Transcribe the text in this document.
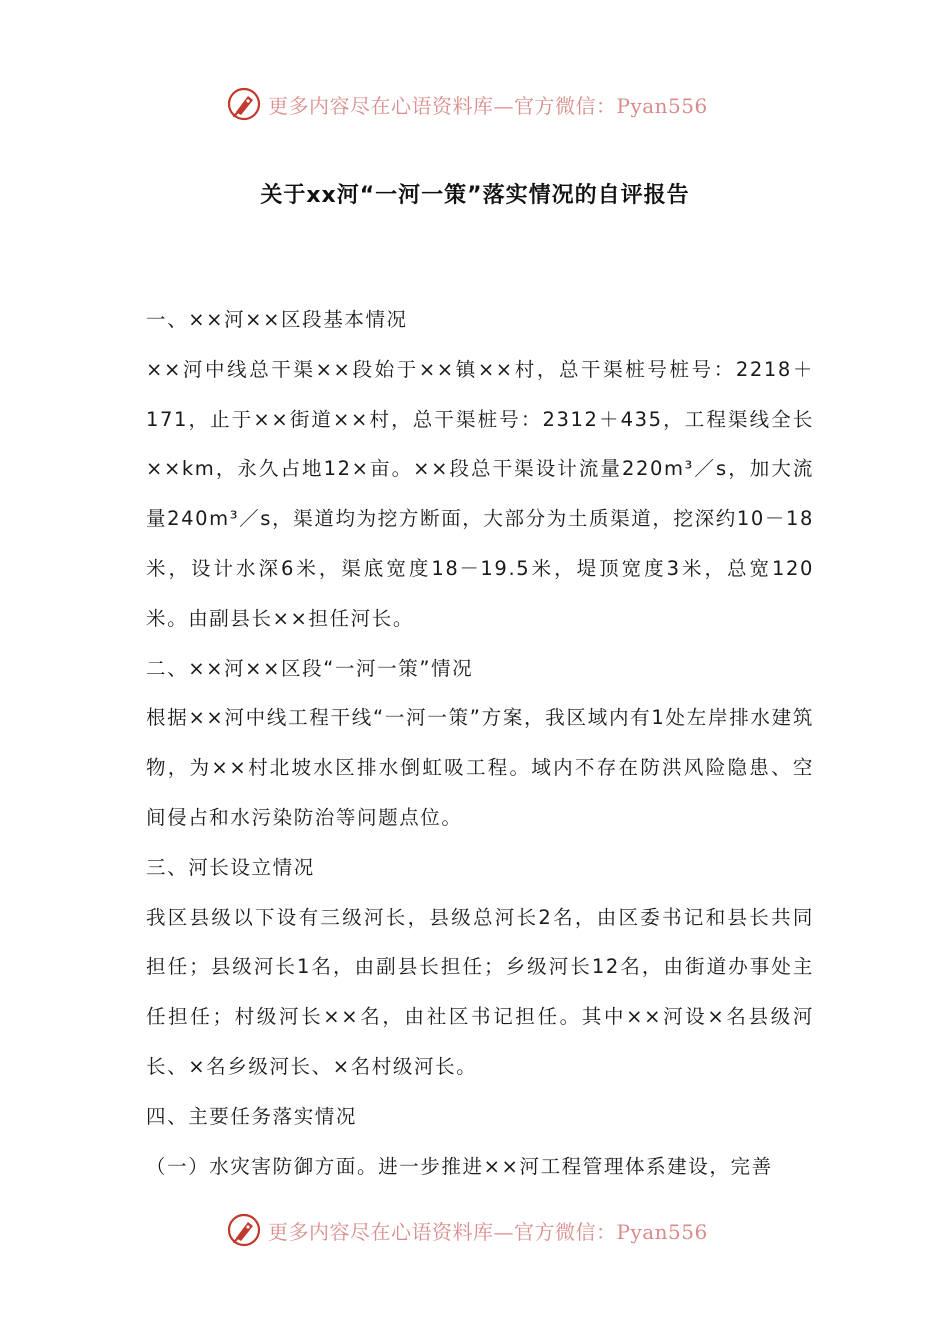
更多内容尽在心语资料库—官方微信：Pyan556
关于xx河“一河一策”落实情况的自评报告

一、××河××区段基本情况

××河中线总干渠××段始于××镇××村，总干渠桩号桩号：2218＋171，止于××街道××村，总干渠桩号：2312＋435，工程渠线全长××km，永久占地12×亩。××段总干渠设计流量220m³／s，加大流量240m³／s，渠道均为挖方断面，大部分为土质渠道，挖深约10－18米，设计水深6米，渠底宽度18－19.5米，堤顶宽度3米，总宽120米。由副县长××担任河长。

二、××河××区段“一河一策”情况

根据××河中线工程干线“一河一策”方案，我区域内有1处左岸排水建筑物，为××村北坡水区排水倒虹吸工程。域内不存在防洪风险隐患、空间侵占和水污染防治等问题点位。

三、河长设立情况

我区县级以下设有三级河长，县级总河长2名，由区委书记和县长共同担任；县级河长1名，由副县长担任；乡级河长12名，由街道办事处主任担任；村级河长××名，由社区书记担任。其中××河设×名县级河长、×名乡级河长、×名村级河长。

四、主要任务落实情况

（一）水灾害防御方面。进一步推进××河工程管理体系建设，完善

更多内容尽在心语资料库—官方微信：Pyan556
